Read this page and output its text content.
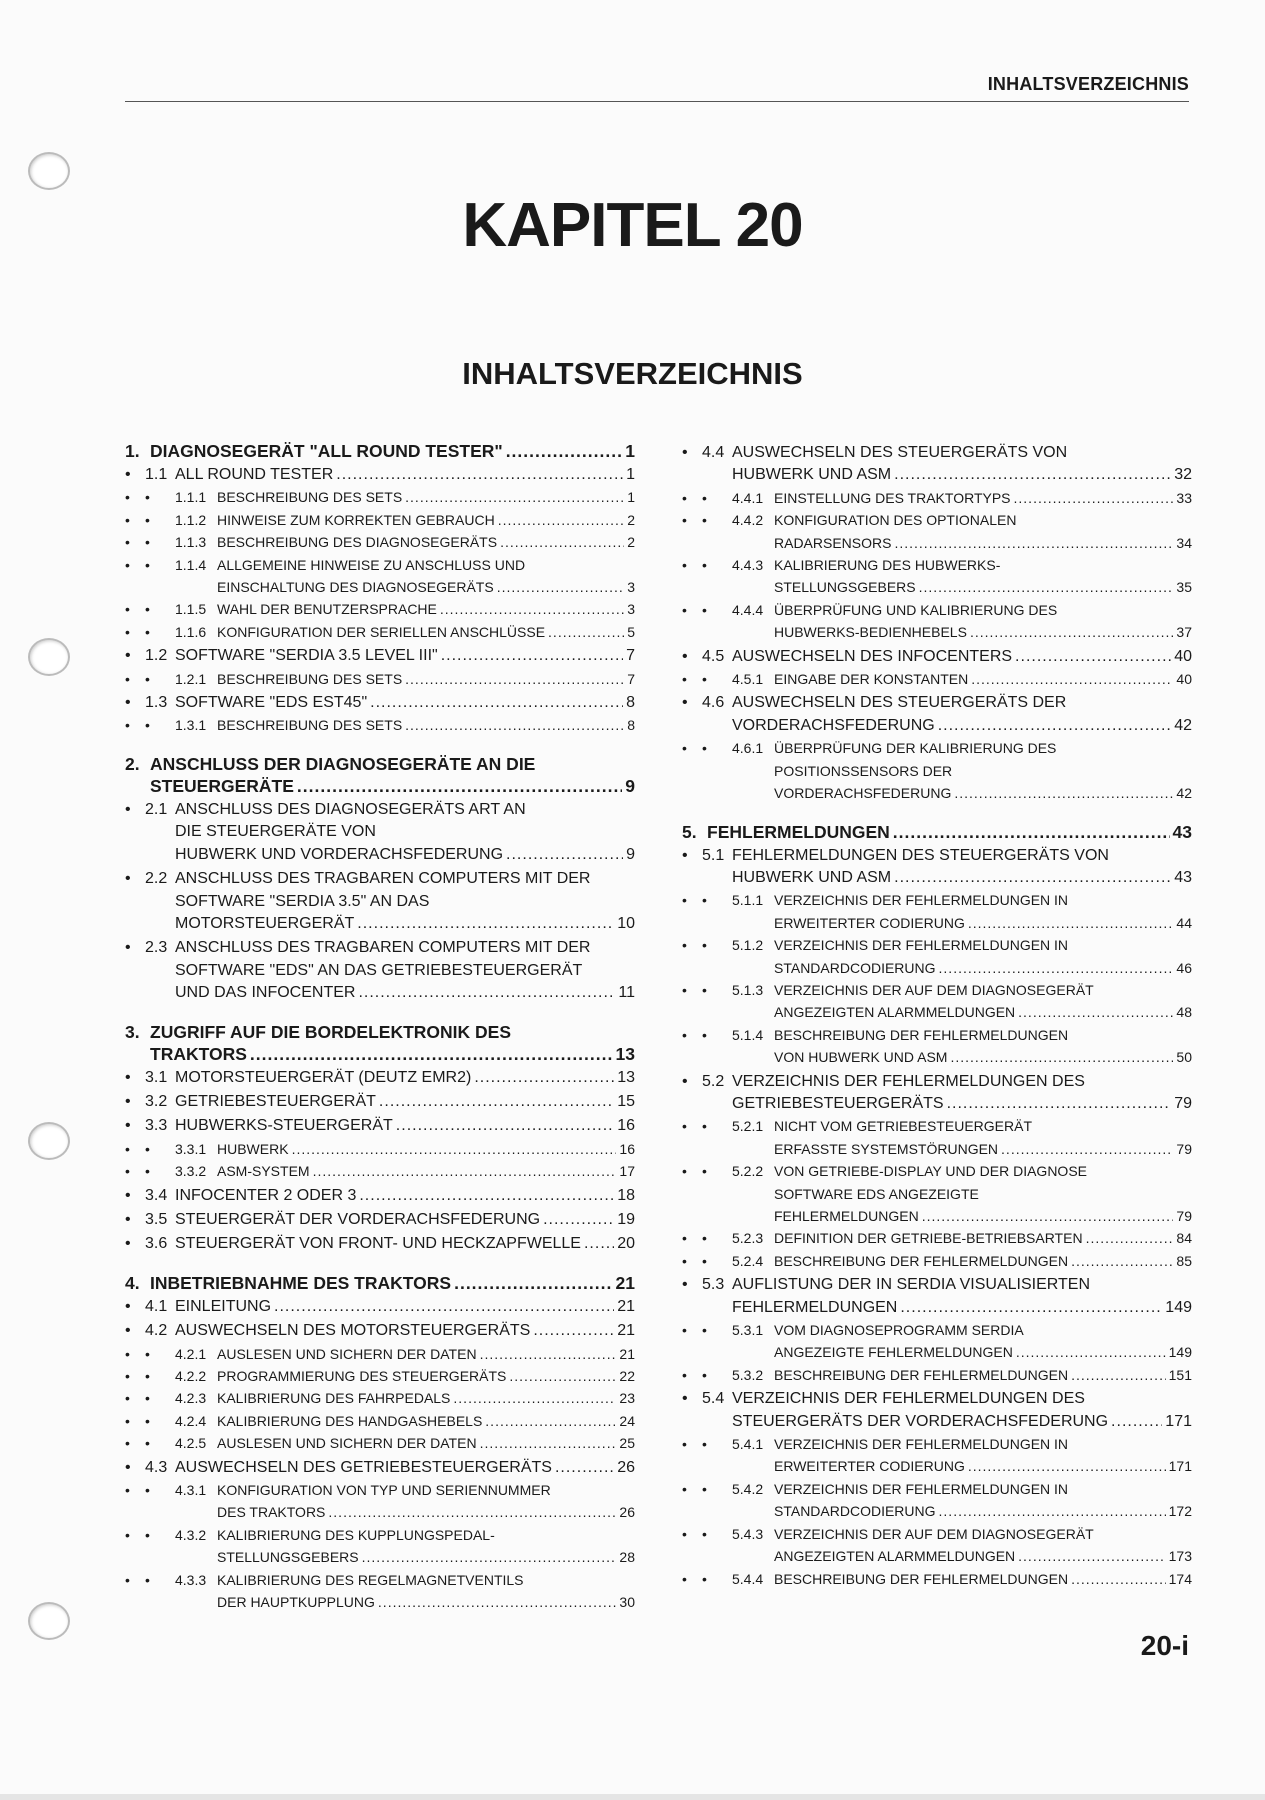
INHALTSVERZEICHNIS
KAPITEL 20
INHALTSVERZEICHNIS
1. DIAGNOSEGERÄT "ALL ROUND TESTER" .....	1
•
1.1 ALL ROUND TESTER .....	1
•
•
1.1.1 BESCHREIBUNG DES SETS .....	1
•
•
1.1.2 HINWEISE ZUM KORREKTEN GEBRAUCH .....	2
•
•
1.1.3 BESCHREIBUNG DES DIAGNOSEGERÄTS .....	2
•
•
1.1.4 ALLGEMEINE HINWEISE ZU ANSCHLUSS UND
EINSCHALTUNG DES DIAGNOSEGERÄTS .....	3
•
•
1.1.5 WAHL DER BENUTZERSPRACHE .....	3
•
•
1.1.6 KONFIGURATION DER SERIELLEN ANSCHLÜSSE .....	5
•
1.2 SOFTWARE "SERDIA 3.5 LEVEL III" .....	7
•
•
1.2.1 BESCHREIBUNG DES SETS .....	7
•
1.3 SOFTWARE "EDS EST45" .....	8
•
•
1.3.1 BESCHREIBUNG DES SETS .....	8
2. ANSCHLUSS DER DIAGNOSEGERÄTE AN DIE
STEUERGERÄTE .....	9
•
2.1 ANSCHLUSS DES DIAGNOSEGERÄTS ART AN
DIE STEUERGERÄTE VON
HUBWERK UND VORDERACHSFEDERUNG .....	9
•
2.2 ANSCHLUSS DES TRAGBAREN COMPUTERS MIT DER
SOFTWARE "SERDIA 3.5" AN DAS
MOTORSTEUERGERÄT .....	10
•
2.3 ANSCHLUSS DES TRAGBAREN COMPUTERS MIT DER
SOFTWARE "EDS" AN DAS GETRIEBESTEUERGERÄT
UND DAS INFOCENTER .....	11
3. ZUGRIFF AUF DIE BORDELEKTRONIK DES
TRAKTORS .....	13
•
3.1 MOTORSTEUERGERÄT (DEUTZ EMR2) .....	13
•
3.2 GETRIEBESTEUERGERÄT .....	15
•
3.3 HUBWERKS-STEUERGERÄT .....	16
•
•
3.3.1 HUBWERK .....	16
•
•
3.3.2 ASM-SYSTEM .....	17
•
3.4 INFOCENTER 2 ODER 3 .....	18
•
3.5 STEUERGERÄT DER VORDERACHSFEDERUNG .....	19
•
3.6 STEUERGERÄT VON FRONT- UND HECKZAPFWELLE ..... 20
4. INBETRIEBNAHME DES TRAKTORS .....	21
•
4.1 EINLEITUNG .....	21
•
4.2 AUSWECHSELN DES MOTORSTEUERGERÄTS .....	21
•
•
4.2.1 AUSLESEN UND SICHERN DER DATEN .....	21
•
•
4.2.2 PROGRAMMIERUNG DES STEUERGERÄTS .....	22
•
•
4.2.3 KALIBRIERUNG DES FAHRPEDALS .....	23
•
•
4.2.4 KALIBRIERUNG DES HANDGASHEBELS .....	24
•
•
4.2.5 AUSLESEN UND SICHERN DER DATEN .....	25
•
4.3 AUSWECHSELN DES GETRIEBESTEUERGERÄTS .....	26
•
•
4.3.1 KONFIGURATION VON TYP UND SERIENNUMMER
DES TRAKTORS .....	26
•
•
4.3.2 KALIBRIERUNG DES KUPPLUNGSPEDAL-
STELLUNGSGEBERS .....	28
•
•
4.3.3 KALIBRIERUNG DES REGELMAGNETVENTILS
DER HAUPTKUPPLUNG .....	30
•
4.4 AUSWECHSELN DES STEUERGERÄTS VON
HUBWERK UND ASM .....	32
•
•
4.4.1 EINSTELLUNG DES TRAKTORTYPS .....	33
•
•
4.4.2 KONFIGURATION DES OPTIONALEN
RADARSENSORS .....	34
•
•
4.4.3 KALIBRIERUNG DES HUBWERKS-
STELLUNGSGEBERS .....	35
•
•
4.4.4 ÜBERPRÜFUNG UND KALIBRIERUNG DES
HUBWERKS-BEDIENHEBELS .....	37
•
4.5 AUSWECHSELN DES INFOCENTERS .....	40
•
•
4.5.1 EINGABE DER KONSTANTEN .....	40
•
4.6 AUSWECHSELN DES STEUERGERÄTS DER
VORDERACHSFEDERUNG .....	42
•
•
4.6.1 ÜBERPRÜFUNG DER KALIBRIERUNG DES
POSITIONSSENSORS DER
VORDERACHSFEDERUNG .....	42
5. FEHLERMELDUNGEN .....	43
•
5.1 FEHLERMELDUNGEN DES STEUERGERÄTS VON
HUBWERK UND ASM .....	43
•
•
5.1.1 VERZEICHNIS DER FEHLERMELDUNGEN IN
ERWEITERTER CODIERUNG .....	44
•
•
5.1.2 VERZEICHNIS DER FEHLERMELDUNGEN IN
STANDARDCODIERUNG .....	46
•
•
5.1.3 VERZEICHNIS DER AUF DEM DIAGNOSEGERÄT
ANGEZEIGTEN ALARMMELDUNGEN .....	48
•
•
5.1.4 BESCHREIBUNG DER FEHLERMELDUNGEN
VON HUBWERK UND ASM .....	50
•
5.2 VERZEICHNIS DER FEHLERMELDUNGEN DES
GETRIEBESTEUERGERÄTS .....	79
•
•
5.2.1 NICHT VOM GETRIEBESTEUERGERÄT
ERFASSTE SYSTEMSTÖRUNGEN .....	79
•
•
5.2.2 VON GETRIEBE-DISPLAY UND DER DIAGNOSE
SOFTWARE EDS ANGEZEIGTE
FEHLERMELDUNGEN .....	79
•
•
5.2.3 DEFINITION DER GETRIEBE-BETRIEBSARTEN .....	84
•
•
5.2.4 BESCHREIBUNG DER FEHLERMELDUNGEN .....	85
•
5.3 AUFLISTUNG DER IN SERDIA VISUALISIERTEN
FEHLERMELDUNGEN .....	149
•
•
5.3.1 VOM DIAGNOSEPROGRAMM SERDIA
ANGEZEIGTE FEHLERMELDUNGEN .....	149
•
•
5.3.2 BESCHREIBUNG DER FEHLERMELDUNGEN .....	151
•
5.4 VERZEICHNIS DER FEHLERMELDUNGEN DES
STEUERGERÄTS DER VORDERACHSFEDERUNG .....	171
•
•
5.4.1 VERZEICHNIS DER FEHLERMELDUNGEN IN
ERWEITERTER CODIERUNG .....	171
•
•
5.4.2 VERZEICHNIS DER FEHLERMELDUNGEN IN
STANDARDCODIERUNG .....	172
•
•
5.4.3 VERZEICHNIS DER AUF DEM DIAGNOSEGERÄT
ANGEZEIGTEN ALARMMELDUNGEN .....	173
•
•
5.4.4 BESCHREIBUNG DER FEHLERMELDUNGEN .....	174
20-i
